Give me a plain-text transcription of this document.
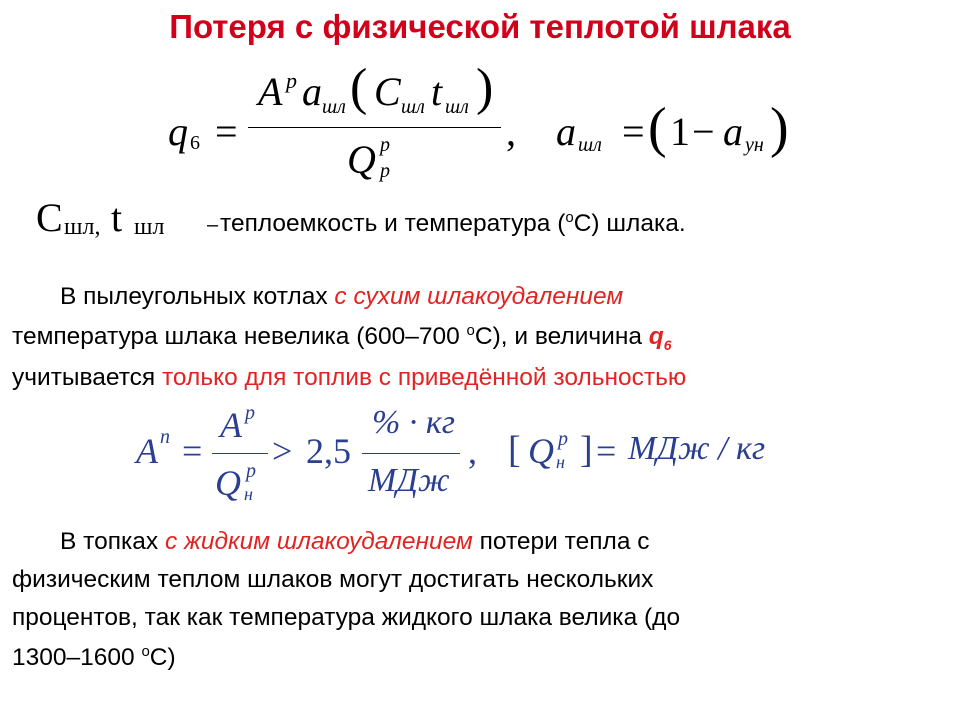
Потеря с физической теплотой шлака
q 6 =
A p a шл ( C шл t шл )
Q p
p
, a шл = ( 1 − a ун )
C шл, t шл – теплоемкость и температура ($^o$С) шлака.
В пылеугольных котлах с сухим шлакоудалением
температура шлака невелика (600–700 $^o$С), и величина $q_6$
учитывается только для топлив с приведённой зольностью
A п =
A p
Q p
н
> 2,5
% · кг
МДж
, [ Q p
н ] = МДж / кг
В топках с жидким шлакоудалением потери тепла с
физическим теплом шлаков могут достигать нескольких
процентов, так как температура жидкого шлака велика (до
1300–1600 $^o$С)
